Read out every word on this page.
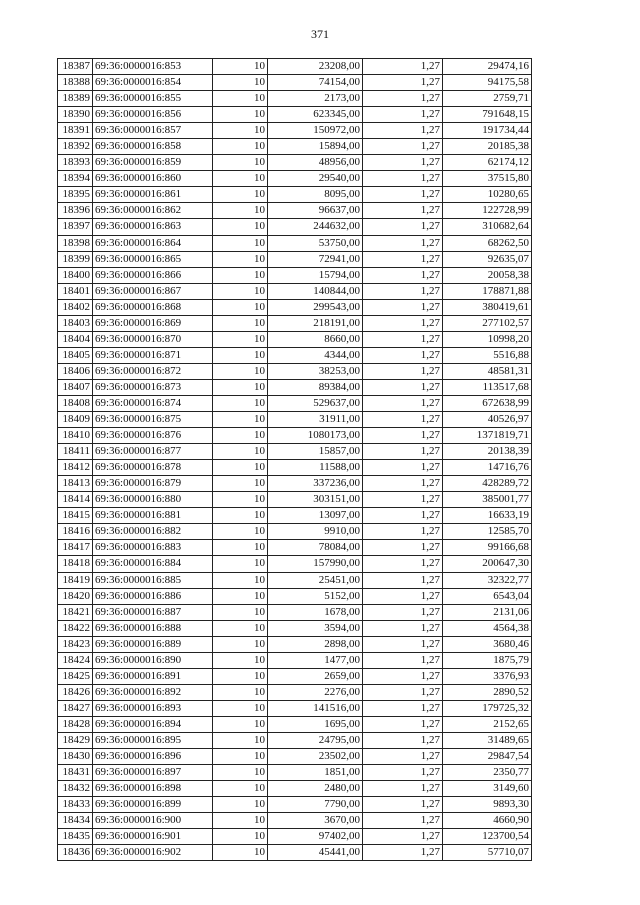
371
18387	69:36:0000016:853	10	23208,00	1,27	29474,16
18388	69:36:0000016:854	10	74154,00	1,27	94175,58
18389	69:36:0000016:855	10	2173,00	1,27	2759,71
18390	69:36:0000016:856	10	623345,00	1,27	791648,15
18391	69:36:0000016:857	10	150972,00	1,27	191734,44
18392	69:36:0000016:858	10	15894,00	1,27	20185,38
18393	69:36:0000016:859	10	48956,00	1,27	62174,12
18394	69:36:0000016:860	10	29540,00	1,27	37515,80
18395	69:36:0000016:861	10	8095,00	1,27	10280,65
18396	69:36:0000016:862	10	96637,00	1,27	122728,99
18397	69:36:0000016:863	10	244632,00	1,27	310682,64
18398	69:36:0000016:864	10	53750,00	1,27	68262,50
18399	69:36:0000016:865	10	72941,00	1,27	92635,07
18400	69:36:0000016:866	10	15794,00	1,27	20058,38
18401	69:36:0000016:867	10	140844,00	1,27	178871,88
18402	69:36:0000016:868	10	299543,00	1,27	380419,61
18403	69:36:0000016:869	10	218191,00	1,27	277102,57
18404	69:36:0000016:870	10	8660,00	1,27	10998,20
18405	69:36:0000016:871	10	4344,00	1,27	5516,88
18406	69:36:0000016:872	10	38253,00	1,27	48581,31
18407	69:36:0000016:873	10	89384,00	1,27	113517,68
18408	69:36:0000016:874	10	529637,00	1,27	672638,99
18409	69:36:0000016:875	10	31911,00	1,27	40526,97
18410	69:36:0000016:876	10	1080173,00	1,27	1371819,71
18411	69:36:0000016:877	10	15857,00	1,27	20138,39
18412	69:36:0000016:878	10	11588,00	1,27	14716,76
18413	69:36:0000016:879	10	337236,00	1,27	428289,72
18414	69:36:0000016:880	10	303151,00	1,27	385001,77
18415	69:36:0000016:881	10	13097,00	1,27	16633,19
18416	69:36:0000016:882	10	9910,00	1,27	12585,70
18417	69:36:0000016:883	10	78084,00	1,27	99166,68
18418	69:36:0000016:884	10	157990,00	1,27	200647,30
18419	69:36:0000016:885	10	25451,00	1,27	32322,77
18420	69:36:0000016:886	10	5152,00	1,27	6543,04
18421	69:36:0000016:887	10	1678,00	1,27	2131,06
18422	69:36:0000016:888	10	3594,00	1,27	4564,38
18423	69:36:0000016:889	10	2898,00	1,27	3680,46
18424	69:36:0000016:890	10	1477,00	1,27	1875,79
18425	69:36:0000016:891	10	2659,00	1,27	3376,93
18426	69:36:0000016:892	10	2276,00	1,27	2890,52
18427	69:36:0000016:893	10	141516,00	1,27	179725,32
18428	69:36:0000016:894	10	1695,00	1,27	2152,65
18429	69:36:0000016:895	10	24795,00	1,27	31489,65
18430	69:36:0000016:896	10	23502,00	1,27	29847,54
18431	69:36:0000016:897	10	1851,00	1,27	2350,77
18432	69:36:0000016:898	10	2480,00	1,27	3149,60
18433	69:36:0000016:899	10	7790,00	1,27	9893,30
18434	69:36:0000016:900	10	3670,00	1,27	4660,90
18435	69:36:0000016:901	10	97402,00	1,27	123700,54
18436	69:36:0000016:902	10	45441,00	1,27	57710,07
